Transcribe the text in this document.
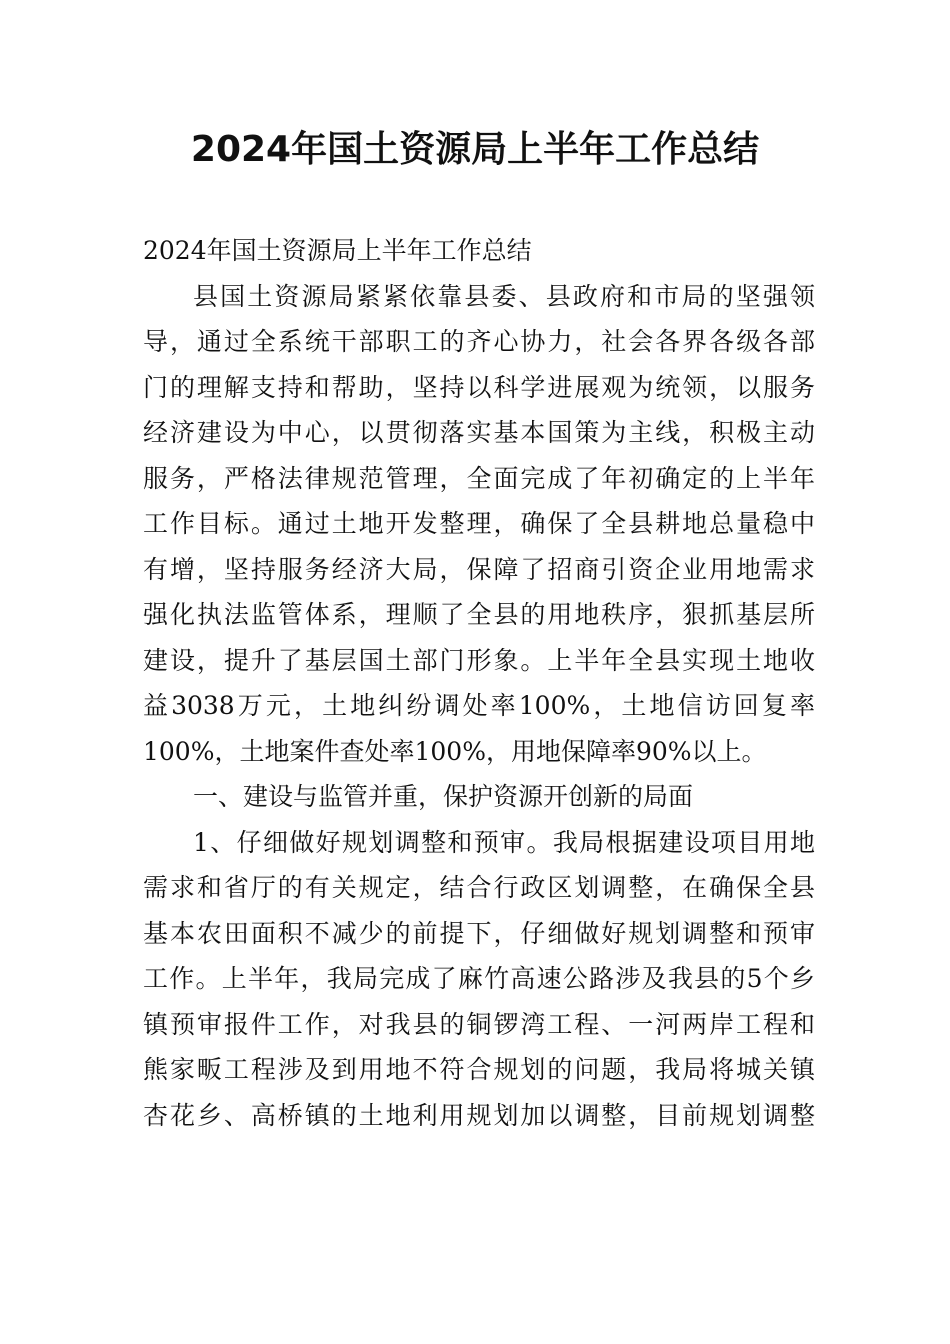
2024年国土资源局上半年工作总结
2024年国土资源局上半年工作总结
县国土资源局紧紧依靠县委、县政府和市局的坚强领
导，通过全系统干部职工的齐心协力，社会各界各级各部
门的理解支持和帮助，坚持以科学进展观为统领，以服务
经济建设为中心，以贯彻落实基本国策为主线，积极主动
服务，严格法律规范管理，全面完成了年初确定的上半年
工作目标。通过土地开发整理，确保了全县耕地总量稳中
有增，坚持服务经济大局，保障了招商引资企业用地需求
强化执法监管体系，理顺了全县的用地秩序，狠抓基层所
建设，提升了基层国土部门形象。上半年全县实现土地收
益3038万元，土地纠纷调处率100%，土地信访回复率
100%，土地案件查处率100%，用地保障率90%以上。
一、建设与监管并重，保护资源开创新的局面
1、仔细做好规划调整和预审。我局根据建设项目用地
需求和省厅的有关规定，结合行政区划调整，在确保全县
基本农田面积不减少的前提下，仔细做好规划调整和预审
工作。上半年，我局完成了麻竹高速公路涉及我县的5个乡
镇预审报件工作，对我县的铜锣湾工程、一河两岸工程和
熊家畈工程涉及到用地不符合规划的问题，我局将城关镇
杏花乡、高桥镇的土地利用规划加以调整，目前规划调整
